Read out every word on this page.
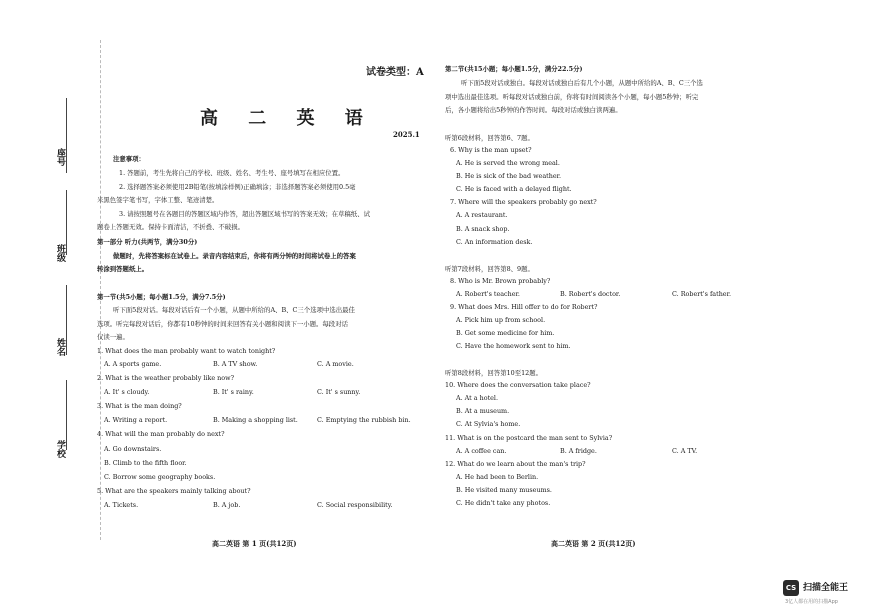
座号
班级
姓名
学校
试卷类型：A
高 二 英 语
2025.1
注意事项：
1. 答题前，考生先将自己的学校、班级、姓名、考生号、座号填写在相应位置。
2. 选择题答案必须使用2B铅笔(按填涂样例)正确填涂；非选择题答案必须使用0.5毫
米黑色签字笔书写，字体工整、笔迹清楚。
3. 请按照题号在各题目的答题区域内作答，超出答题区域书写的答案无效；在草稿纸、试
题卷上答题无效。保持卡面清洁，不折叠、不破损。
第一部分 听力(共两节，满分30分)
做题时，先将答案标在试卷上。录音内容结束后，你将有两分钟的时间将试卷上的答案
转涂到答题纸上。
第一节(共5小题；每小题1.5分，满分7.5分)
听下面5段对话。每段对话后有一个小题，从题中所给的A、B、C三个选项中选出最佳
选项。听完每段对话后，你都有10秒钟的时间来回答有关小题和阅读下一小题。每段对话
仅读一遍。
1. What does the man probably want to watch tonight?
A. A sports game.	B. A TV show.	C. A movie.
2. What is the weather probably like now?
A. It' s cloudy.	B. It' s rainy.	C. It' s sunny.
3. What is the man doing?
A. Writing a report.	B. Making a shopping list.	C. Emptying the rubbish bin.
4. What will the man probably do next?
A. Go downstairs.
B. Climb to the fifth floor.
C. Borrow some geography books.
5. What are the speakers mainly talking about?
A. Tickets.	B. A job.	C. Social responsibility.
高二英语 第 1 页(共12页)
第二节(共15小题；每小题1.5分，满分22.5分)
听下面5段对话或独白。每段对话或独白后有几个小题，从题中所给的A、B、C三个选
项中选出最佳选项。听每段对话或独白前，你将有时间阅读各个小题，每小题5秒钟；听完
后，各小题将给出5秒钟的作答时间。每段对话或独白读两遍。
听第6段材料，回答第6、7题。
6. Why is the man upset?
A. He is served the wrong meal.
B. He is sick of the bad weather.
C. He is faced with a delayed flight.
7. Where will the speakers probably go next?
A. A restaurant.
B. A snack shop.
C. An information desk.
听第7段材料，回答第8、9题。
8. Who is Mr. Brown probably?
A. Robert's teacher.	B. Robert's doctor.	C. Robert's father.
9. What does Mrs. Hill offer to do for Robert?
A. Pick him up from school.
B. Get some medicine for him.
C. Have the homework sent to him.
听第8段材料，回答第10至12题。
10. Where does the conversation take place?
A. At a hotel.
B. At a museum.
C. At Sylvia's home.
11. What is on the postcard the man sent to Sylvia?
A. A coffee can.	B. A fridge.	C. A TV.
12. What do we learn about the man's trip?
A. He had been to Berlin.
B. He visited many museums.
C. He didn't take any photos.
高二英语 第 2 页(共12页)
CS 扫描全能王
3亿人都在用的扫描App
